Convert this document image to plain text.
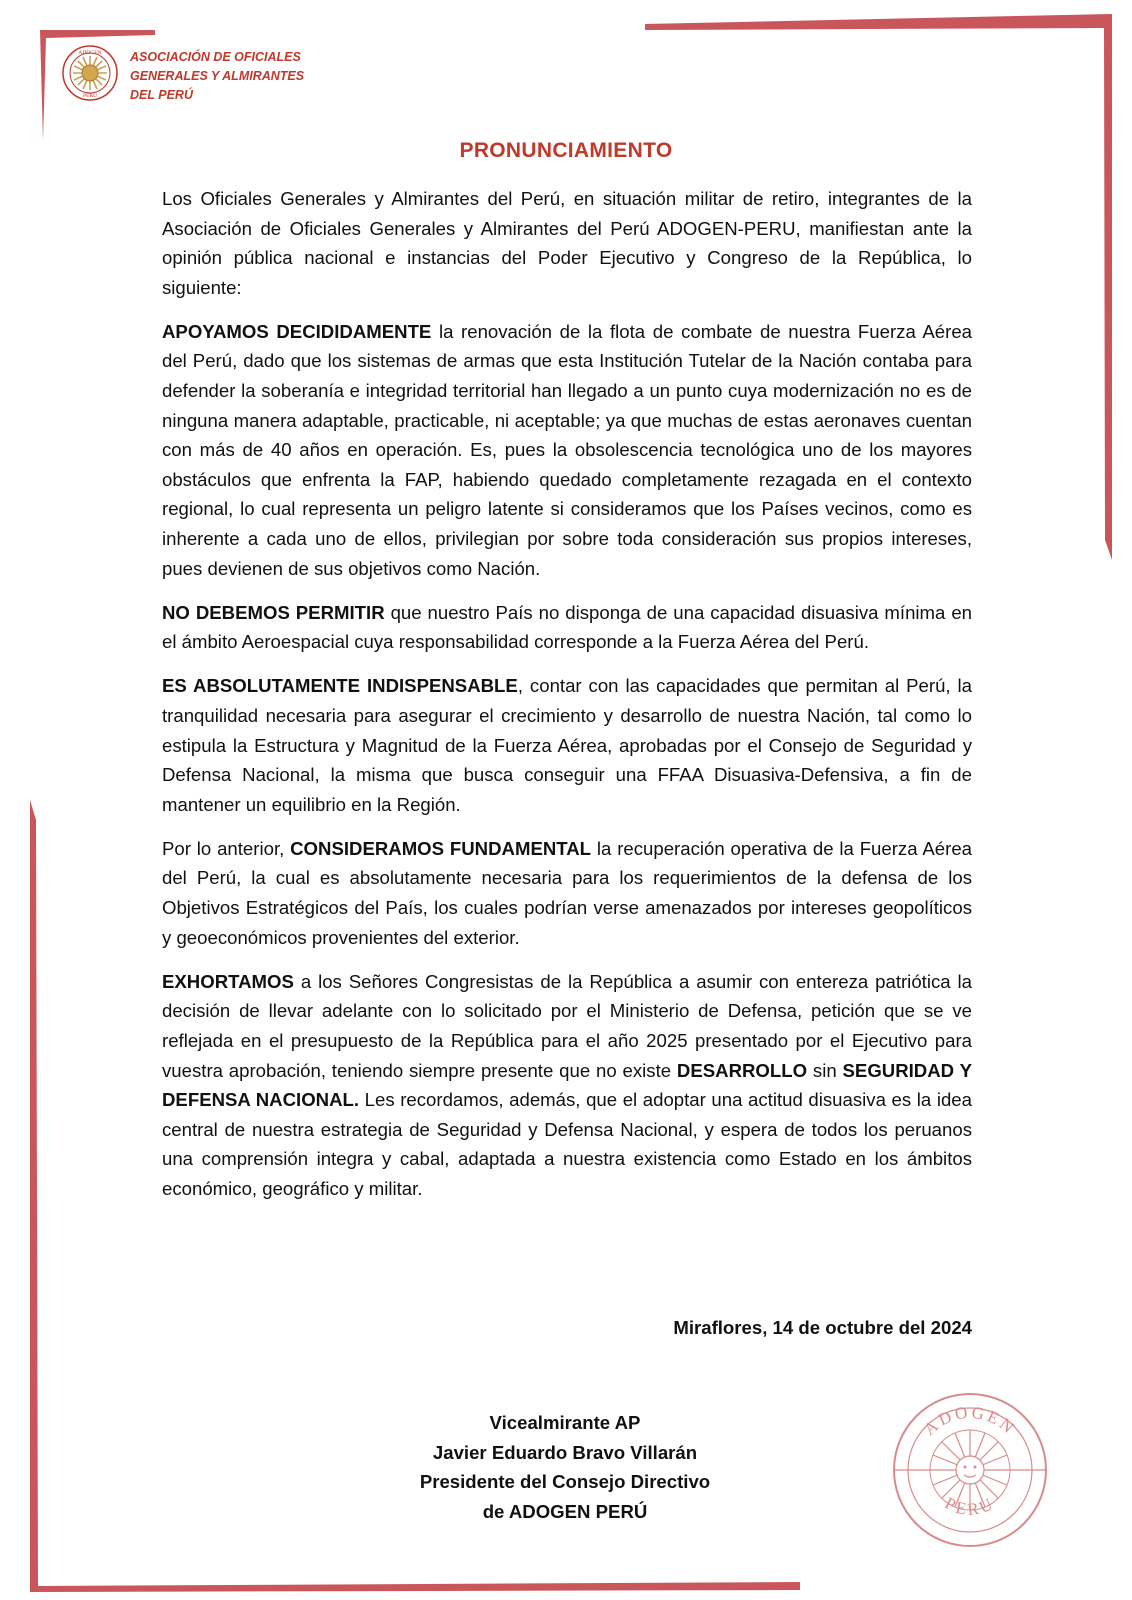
ADOGEN
PERU
ASOCIACIÓN DE OFICIALES
GENERALES Y ALMIRANTES
DEL PERÚ
PRONUNCIAMIENTO

Los Oficiales Generales y Almirantes del Perú, en situación militar de retiro, integrantes de la Asociación de Oficiales Generales y Almirantes del Perú ADOGEN-PERU, manifiestan ante la opinión pública nacional e instancias del Poder Ejecutivo y Congreso de la República, lo siguiente:

APOYAMOS DECIDIDAMENTE la renovación de la flota de combate de nuestra Fuerza Aérea del Perú, dado que los sistemas de armas que esta Institución Tutelar de la Nación contaba para defender la soberanía e integridad territorial han llegado a un punto cuya modernización no es de ninguna manera adaptable, practicable, ni aceptable; ya que muchas de estas aeronaves cuentan con más de 40 años en operación. Es, pues la obsolescencia tecnológica uno de los mayores obstáculos que enfrenta la FAP, habiendo quedado completamente rezagada en el contexto regional, lo cual representa un peligro latente si consideramos que los Países vecinos, como es inherente a cada uno de ellos, privilegian por sobre toda consideración sus propios intereses, pues devienen de sus objetivos como Nación.

NO DEBEMOS PERMITIR que nuestro País no disponga de una capacidad disuasiva mínima en el ámbito Aeroespacial cuya responsabilidad corresponde a la Fuerza Aérea del Perú.

ES ABSOLUTAMENTE INDISPENSABLE, contar con las capacidades que permitan al Perú, la tranquilidad necesaria para asegurar el crecimiento y desarrollo de nuestra Nación, tal como lo estipula la Estructura y Magnitud de la Fuerza Aérea, aprobadas por el Consejo de Seguridad y Defensa Nacional, la misma que busca conseguir una FFAA Disuasiva-Defensiva, a fin de mantener un equilibrio en la Región.

Por lo anterior, CONSIDERAMOS FUNDAMENTAL la recuperación operativa de la Fuerza Aérea del Perú, la cual es absolutamente necesaria para los requerimientos de la defensa de los Objetivos Estratégicos del País, los cuales podrían verse amenazados por intereses geopolíticos y geoeconómicos provenientes del exterior.

EXHORTAMOS a los Señores Congresistas de la República a asumir con entereza patriótica la decisión de llevar adelante con lo solicitado por el Ministerio de Defensa, petición que se ve reflejada en el presupuesto de la República para el año 2025 presentado por el Ejecutivo para vuestra aprobación, teniendo siempre presente que no existe DESARROLLO sin SEGURIDAD Y DEFENSA NACIONAL. Les recordamos, además, que el adoptar una actitud disuasiva es la idea central de nuestra estrategia de Seguridad y Defensa Nacional, y espera de todos los peruanos una comprensión integra y cabal, adaptada a nuestra existencia como Estado en los ámbitos económico, geográfico y militar.

Miraflores, 14 de octubre del 2024
Vicealmirante AP
Javier Eduardo Bravo Villarán
Presidente del Consejo Directivo
de ADOGEN PERÚ
ADOGEN
PERU
